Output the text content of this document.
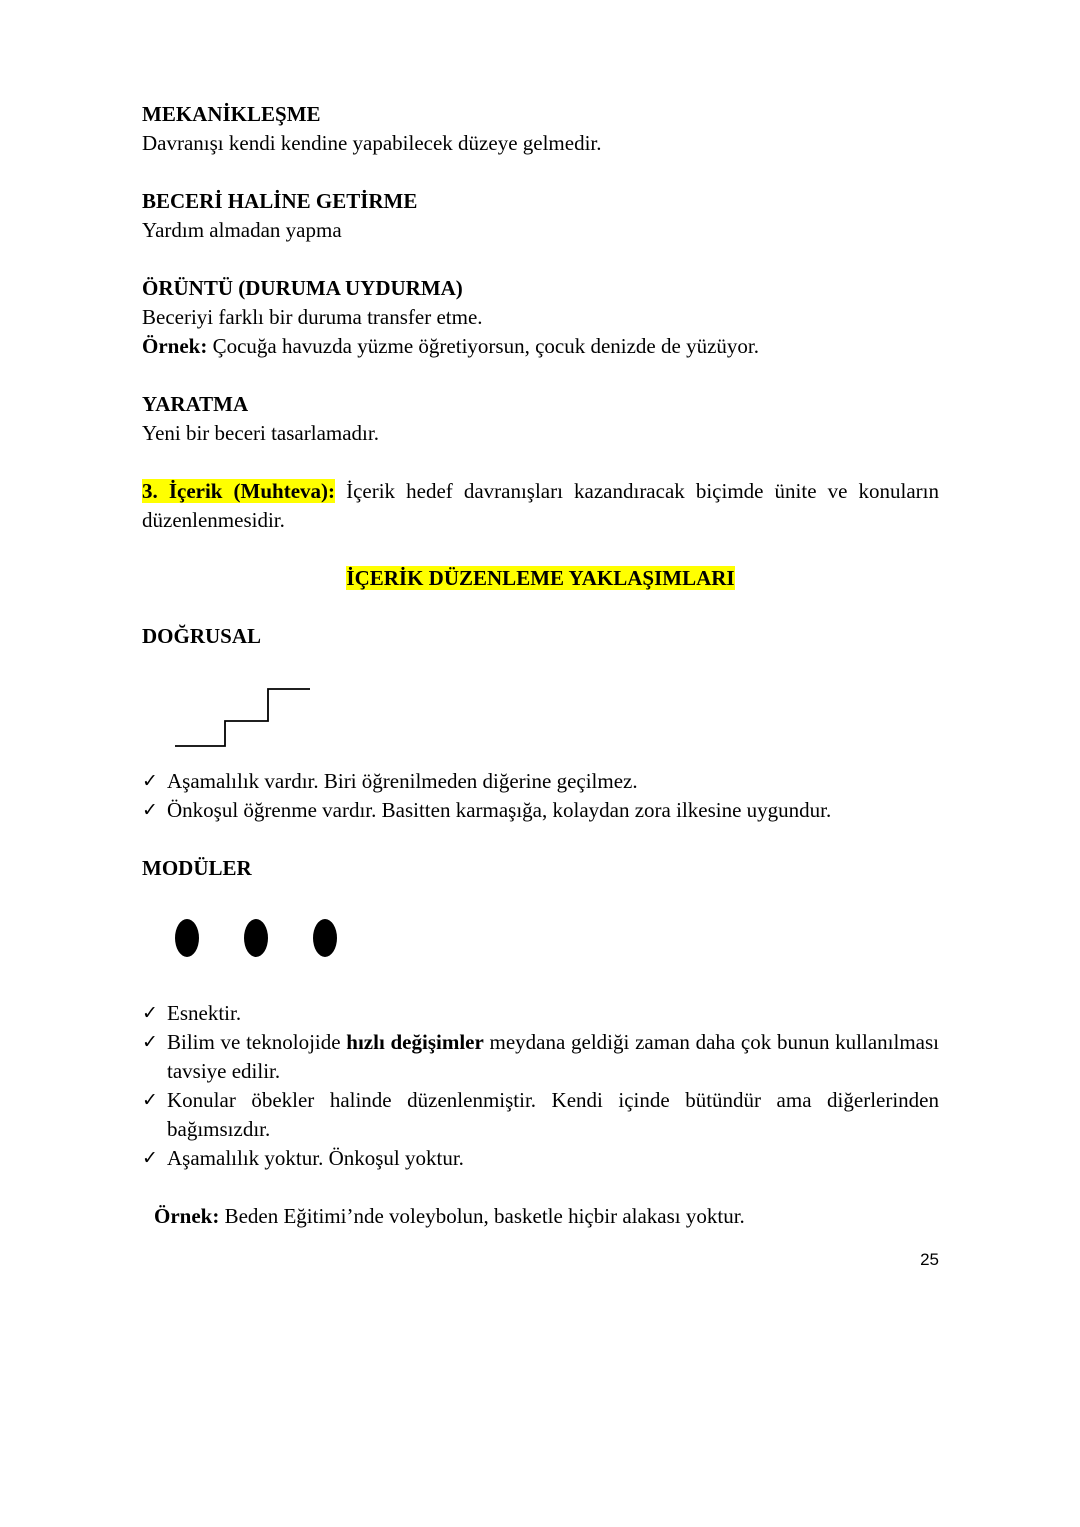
MEKANİKLEŞME

Davranışı kendi kendine yapabilecek düzeye gelmedir.

BECERİ HALİNE GETİRME

Yardım almadan yapma

ÖRÜNTÜ (DURUMA UYDURMA)

Beceriyi farklı bir duruma transfer etme.

Örnek: Çocuğa havuzda yüzme öğretiyorsun, çocuk denizde de yüzüyor.

YARATMA

Yeni bir beceri tasarlamadır.

3. İçerik (Muhteva): İçerik hedef davranışları kazandıracak biçimde ünite ve konuların düzenlenmesidir.

İÇERİK DÜZENLEME YAKLAŞIMLARI

DOĞRUSAL

✓ Aşamalılık vardır. Biri öğrenilmeden diğerine geçilmez.
✓ Önkoşul öğrenme vardır. Basitten karmaşığa, kolaydan zora ilkesine uygundur.

MODÜLER

✓ Esnektir.
✓ Bilim ve teknolojide hızlı değişimler meydana geldiği zaman daha çok bunun kullanılması tavsiye edilir.
✓ Konular öbekler halinde düzenlenmiştir. Kendi içinde bütündür ama diğerlerinden bağımsızdır.
✓ Aşamalılık yoktur. Önkoşul yoktur.

Örnek: Beden Eğitimi’nde voleybolun, basketle hiçbir alakası yoktur.

25
